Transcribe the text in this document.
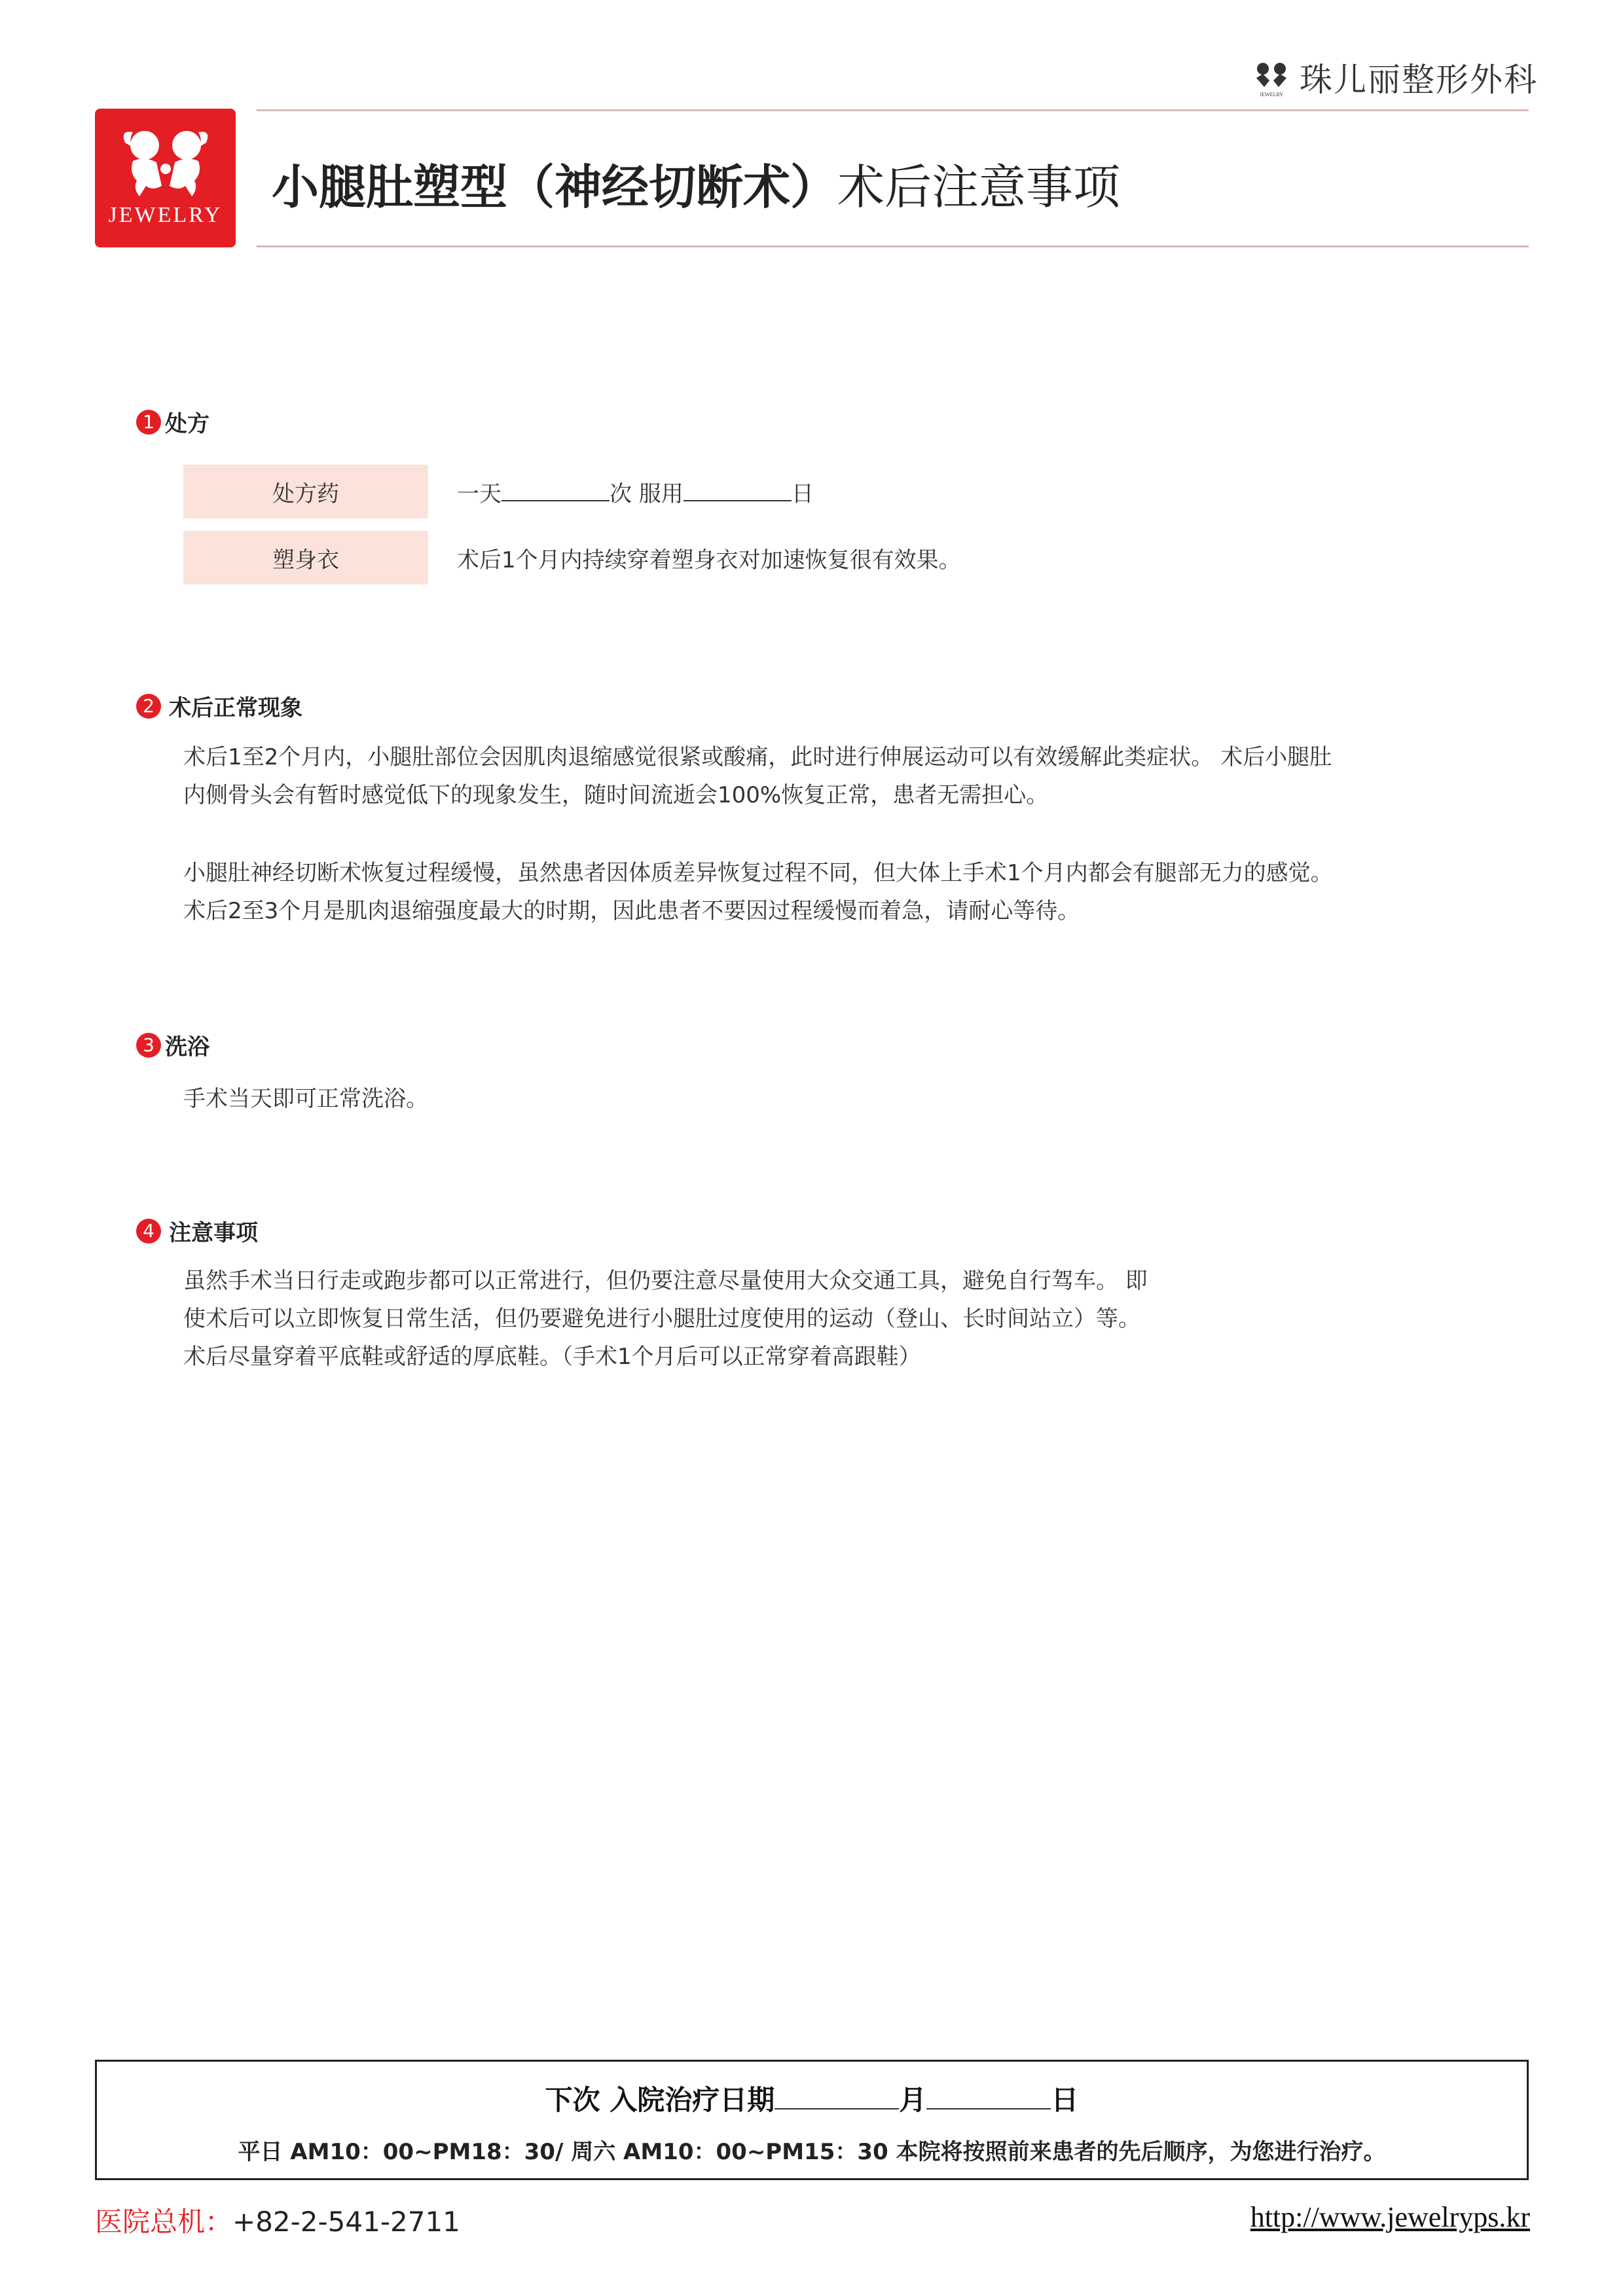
JEWELRY 珠儿丽整形外科
JEWELRY
小腿肚塑型（神经切断术）术后注意事项
1 处方
处方药	一天	次 服用	日
塑身衣	术后1个月内持续穿着塑身衣对加速恢复很有效果。
2 术后正常现象
术后1至2个月内，小腿肚部位会因肌肉退缩感觉很紧或酸痛，此时进行伸展运动可以有效缓解此类症状。 术后小腿肚
内侧骨头会有暂时感觉低下的现象发生，随时间流逝会100%恢复正常，患者无需担心。
小腿肚神经切断术恢复过程缓慢，虽然患者因体质差异恢复过程不同，但大体上手术1个月内都会有腿部无力的感觉。
术后2至3个月是肌肉退缩强度最大的时期，因此患者不要因过程缓慢而着急，请耐心等待。
3 洗浴
手术当天即可正常洗浴。
4 注意事项
虽然手术当日行走或跑步都可以正常进行，但仍要注意尽量使用大众交通工具，避免自行驾车。 即
使术后可以立即恢复日常生活，但仍要避免进行小腿肚过度使用的运动（登山、长时间站立）等。
术后尽量穿着平底鞋或舒适的厚底鞋。（手术1个月后可以正常穿着高跟鞋）
下次 入院治疗日期	月	日
平日 AM10：00~PM18：30/ 周六 AM10：00~PM15：30 本院将按照前来患者的先后顺序，为您进行治疗。
医院总机：+82-2-541-2711	http://www.jewelryps.kr
